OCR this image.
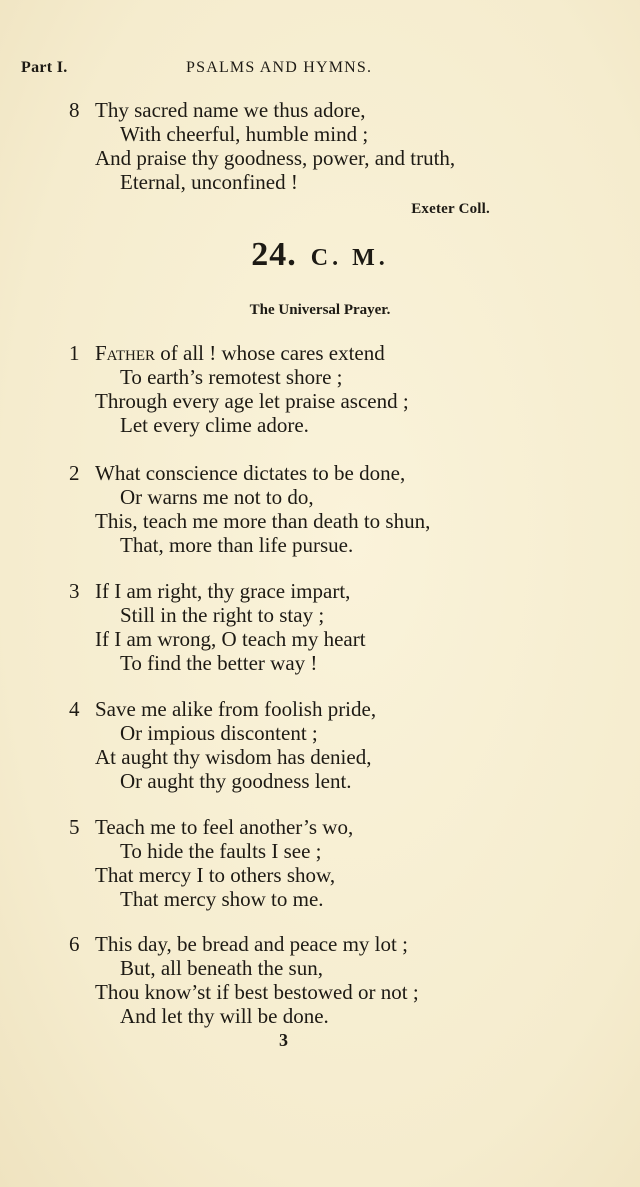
Part I.	PSALMS AND HYMNS.
8 Thy sacred name we thus adore,
With cheerful, humble mind ;
And praise thy goodness, power, and truth,
Eternal, unconfined !
Exeter Coll.
24. C. M.
The Universal Prayer.
1 Father of all ! whose cares extend
To earth’s remotest shore ;
Through every age let praise ascend ;
Let every clime adore.
2 What conscience dictates to be done,
Or warns me not to do,
This, teach me more than death to shun,
That, more than life pursue.
3 If I am right, thy grace impart,
Still in the right to stay ;
If I am wrong, O teach my heart
To find the better way !
4 Save me alike from foolish pride,
Or impious discontent ;
At aught thy wisdom has denied,
Or aught thy goodness lent.
5 Teach me to feel another’s wo,
To hide the faults I see ;
That mercy I to others show,
That mercy show to me.
6 This day, be bread and peace my lot ;
But, all beneath the sun,
Thou know’st if best bestowed or not ;
And let thy will be done.
3
